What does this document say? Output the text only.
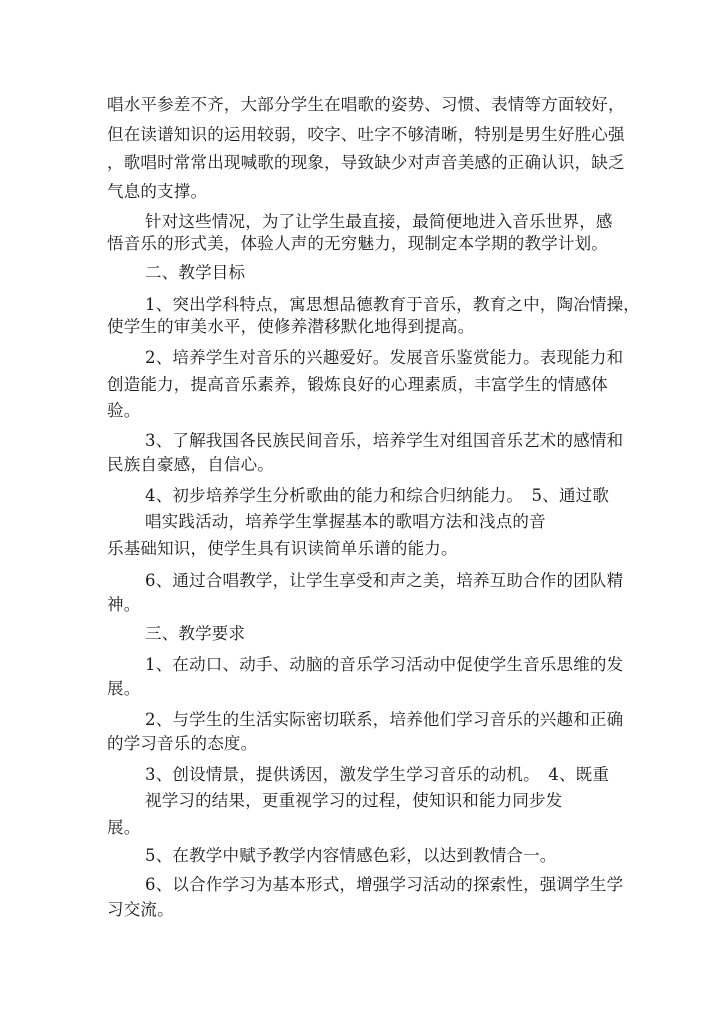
唱水平参差不齐，大部分学生在唱歌的姿势、习惯、表情等方面较好，
但在读谱知识的运用较弱，咬字、吐字不够清晰，特别是男生好胜心强
，歌唱时常常出现喊歌的现象，导致缺少对声音美感的正确认识，缺乏
气息的支撑。
针对这些情况，为了让学生最直接，最简便地进入音乐世界，感
悟音乐的形式美，体验人声的无穷魅力，现制定本学期的教学计划。
二、教学目标
1、突出学科特点，寓思想品德教育于音乐，教育之中，陶冶情操，
使学生的审美水平，使修养潜移默化地得到提高。
2、培养学生对音乐的兴趣爱好。发展音乐鉴赏能力。表现能力和
创造能力，提高音乐素养，锻炼良好的心理素质，丰富学生的情感体
验。
3、了解我国各民族民间音乐，培养学生对组国音乐艺术的感情和
民族自豪感，自信心。
4、初步培养学生分析歌曲的能力和综合归纳能力。　5、通过歌
唱实践活动，培养学生掌握基本的歌唱方法和浅点的音
乐基础知识，使学生具有识读简单乐谱的能力。
6、通过合唱教学，让学生享受和声之美，培养互助合作的团队精
神。
三、教学要求
1、在动口、动手、动脑的音乐学习活动中促使学生音乐思维的发
展。
2、与学生的生活实际密切联系，培养他们学习音乐的兴趣和正确
的学习音乐的态度。
3、创设情景，提供诱因，激发学生学习音乐的动机。　4、既重
视学习的结果，更重视学习的过程，使知识和能力同步发
展。
5、在教学中赋予教学内容情感色彩，以达到教情合一。
6、以合作学习为基本形式，增强学习活动的探索性，强调学生学
习交流。
